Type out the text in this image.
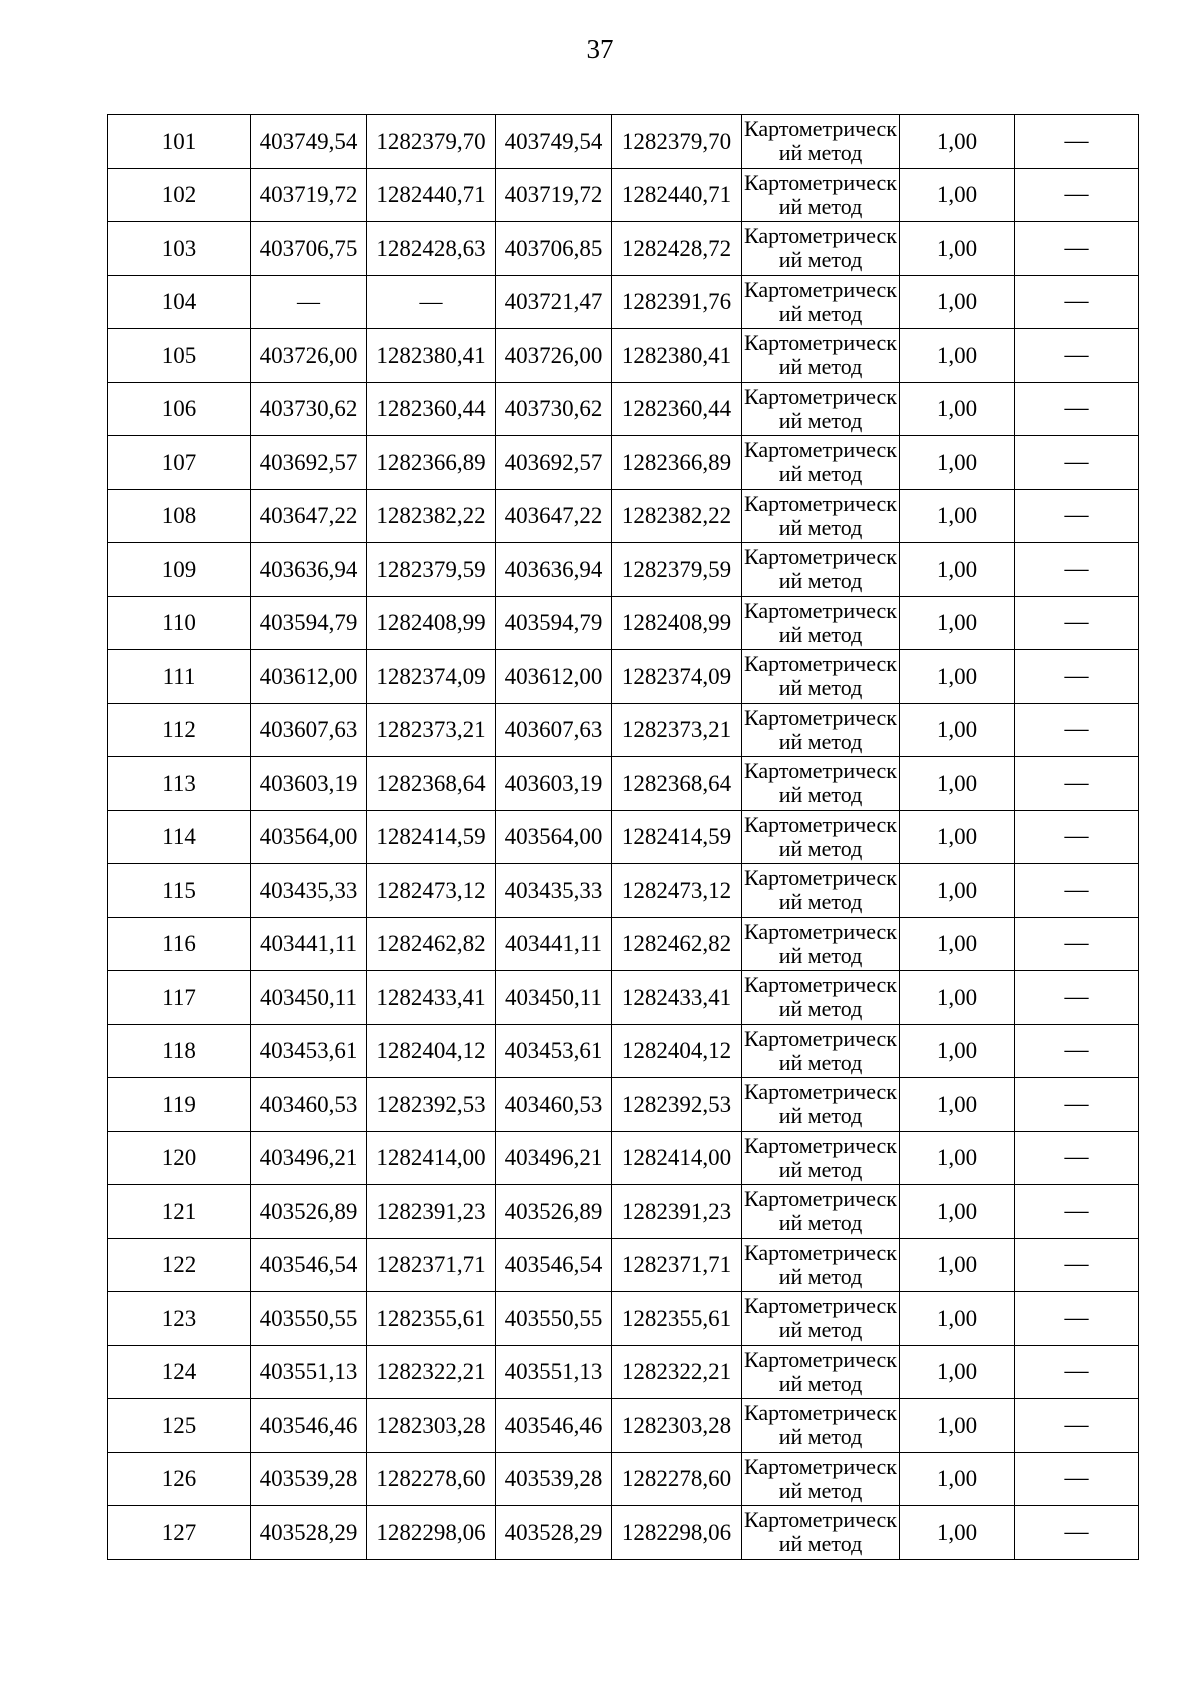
37
101	403749,54	1282379,70	403749,54	1282379,70	Картометрический метод	1,00	—
102	403719,72	1282440,71	403719,72	1282440,71	Картометрический метод	1,00	—
103	403706,75	1282428,63	403706,85	1282428,72	Картометрический метод	1,00	—
104	—	—	403721,47	1282391,76	Картометрический метод	1,00	—
105	403726,00	1282380,41	403726,00	1282380,41	Картометрический метод	1,00	—
106	403730,62	1282360,44	403730,62	1282360,44	Картометрический метод	1,00	—
107	403692,57	1282366,89	403692,57	1282366,89	Картометрический метод	1,00	—
108	403647,22	1282382,22	403647,22	1282382,22	Картометрический метод	1,00	—
109	403636,94	1282379,59	403636,94	1282379,59	Картометрический метод	1,00	—
110	403594,79	1282408,99	403594,79	1282408,99	Картометрический метод	1,00	—
111	403612,00	1282374,09	403612,00	1282374,09	Картометрический метод	1,00	—
112	403607,63	1282373,21	403607,63	1282373,21	Картометрический метод	1,00	—
113	403603,19	1282368,64	403603,19	1282368,64	Картометрический метод	1,00	—
114	403564,00	1282414,59	403564,00	1282414,59	Картометрический метод	1,00	—
115	403435,33	1282473,12	403435,33	1282473,12	Картометрический метод	1,00	—
116	403441,11	1282462,82	403441,11	1282462,82	Картометрический метод	1,00	—
117	403450,11	1282433,41	403450,11	1282433,41	Картометрический метод	1,00	—
118	403453,61	1282404,12	403453,61	1282404,12	Картометрический метод	1,00	—
119	403460,53	1282392,53	403460,53	1282392,53	Картометрический метод	1,00	—
120	403496,21	1282414,00	403496,21	1282414,00	Картометрический метод	1,00	—
121	403526,89	1282391,23	403526,89	1282391,23	Картометрический метод	1,00	—
122	403546,54	1282371,71	403546,54	1282371,71	Картометрический метод	1,00	—
123	403550,55	1282355,61	403550,55	1282355,61	Картометрический метод	1,00	—
124	403551,13	1282322,21	403551,13	1282322,21	Картометрический метод	1,00	—
125	403546,46	1282303,28	403546,46	1282303,28	Картометрический метод	1,00	—
126	403539,28	1282278,60	403539,28	1282278,60	Картометрический метод	1,00	—
127	403528,29	1282298,06	403528,29	1282298,06	Картометрический метод	1,00	—
